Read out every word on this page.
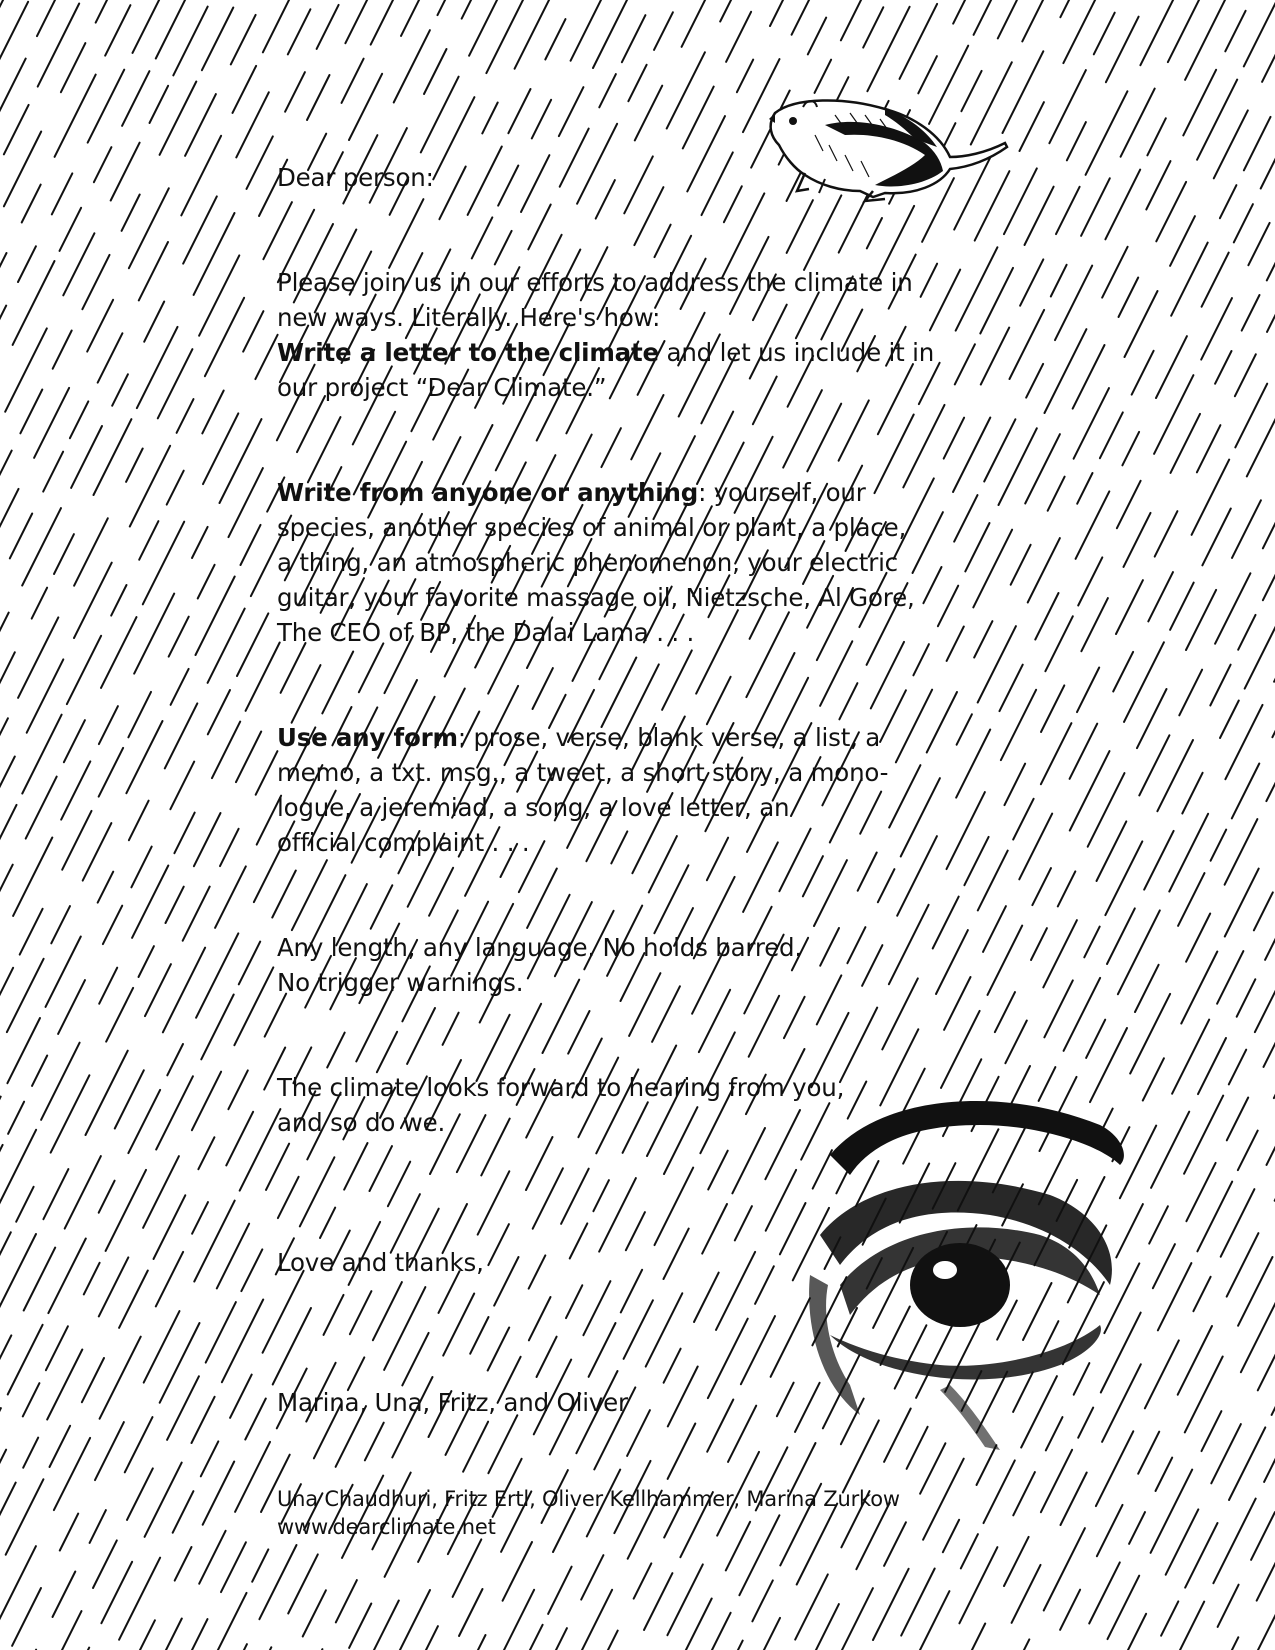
Dear person:
Please join us in our efforts to address the climate in
new ways. Literally. Here's how:
Write a letter to the climate and let us include it in
our project “Dear Climate.”
Write from anyone or anything: yourself, our
species, another species of animal or plant, a place,
a thing, an atmospheric phenomenon, your electric
guitar, your favorite massage oil, Nietzsche, Al Gore,
The CEO of BP, the Dalai Lama . . .
Use any form: prose, verse, blank verse, a list, a
memo, a txt. msg., a tweet, a short story, a mono-
logue, a jeremiad, a song, a love letter, an
official complaint . . .
Any length, any language. No holds barred.
No trigger warnings.
The climate looks forward to hearing from you,
and so do we.
Love and thanks,
Marina, Una, Fritz, and Oliver
Una Chaudhuri, Fritz Ertl, Oliver Kellhammer, Marina Zurkow
www.dearclimate.net
